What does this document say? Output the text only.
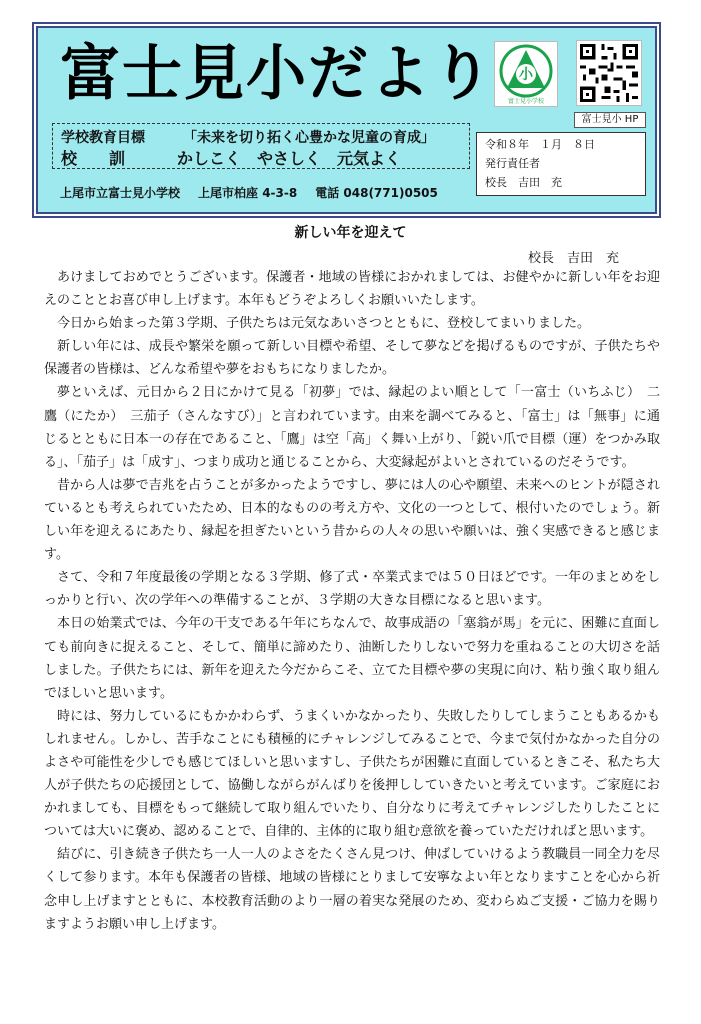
富士見小だより 小
富士見小学校
富士見小 HP
学校教育目標	「未来を切り拓く心豊かな児童の育成」
校　　訓	かしこく　やさしく　元気よく
上尾市立富士見小学校 上尾市柏座 4-3-8 電話 048(771)0505
令和８年　１月　８日
発行責任者
校長　吉田　充
新しい年を迎えて
校長　吉田　充

あけましておめでとうございます。保護者・地域の皆様におかれましては、お健やかに新しい年をお迎えのこととお喜び申し上げます。本年もどうぞよろしくお願いいたします。

今日から始まった第３学期、子供たちは元気なあいさつとともに、登校してまいりました。

新しい年には、成長や繁栄を願って新しい目標や希望、そして夢などを掲げるものですが、子供たちや保護者の皆様は、どんな希望や夢をおもちになりましたか。

夢といえば、元日から２日にかけて見る「初夢」では、縁起のよい順として「一富士（いちふじ）　二鷹（にたか）　三茄子（さんなすび）」と言われています。由来を調べてみると、「富士」は「無事」に通じるとともに日本一の存在であること、「鷹」は空「高」く舞い上がり、「鋭い爪で目標（運）をつかみ取る」、「茄子」は「成す」、つまり成功と通じることから、大変縁起がよいとされているのだそうです。

昔から人は夢で吉兆を占うことが多かったようですし、夢には人の心や願望、未来へのヒントが隠されているとも考えられていたため、日本的なものの考え方や、文化の一つとして、根付いたのでしょう。新しい年を迎えるにあたり、縁起を担ぎたいという昔からの人々の思いや願いは、強く実感できると感じます。

さて、令和７年度最後の学期となる３学期、修了式・卒業式までは５０日ほどです。一年のまとめをしっかりと行い、次の学年への準備することが、３学期の大きな目標になると思います。

本日の始業式では、今年の干支である午年にちなんで、故事成語の「塞翁が馬」を元に、困難に直面しても前向きに捉えること、そして、簡単に諦めたり、油断したりしないで努力を重ねることの大切さを話しました。子供たちには、新年を迎えた今だからこそ、立てた目標や夢の実現に向け、粘り強く取り組んでほしいと思います。

時には、努力しているにもかかわらず、うまくいかなかったり、失敗したりしてしまうこともあるかもしれません。しかし、苦手なことにも積極的にチャレンジしてみることで、今まで気付かなかった自分のよさや可能性を少しでも感じてほしいと思いますし、子供たちが困難に直面しているときこそ、私たち大人が子供たちの応援団として、協働しながらがんばりを後押ししていきたいと考えています。ご家庭におかれましても、目標をもって継続して取り組んでいたり、自分なりに考えてチャレンジしたりしたことについては大いに褒め、認めることで、自律的、主体的に取り組む意欲を養っていただければと思います。

結びに、引き続き子供たち一人一人のよさをたくさん見つけ、伸ばしていけるよう教職員一同全力を尽くして参ります。本年も保護者の皆様、地域の皆様にとりまして安寧なよい年となりますことを心から祈念申し上げますとともに、本校教育活動のより一層の着実な発展のため、変わらぬご支援・ご協力を賜りますようお願い申し上げます。
